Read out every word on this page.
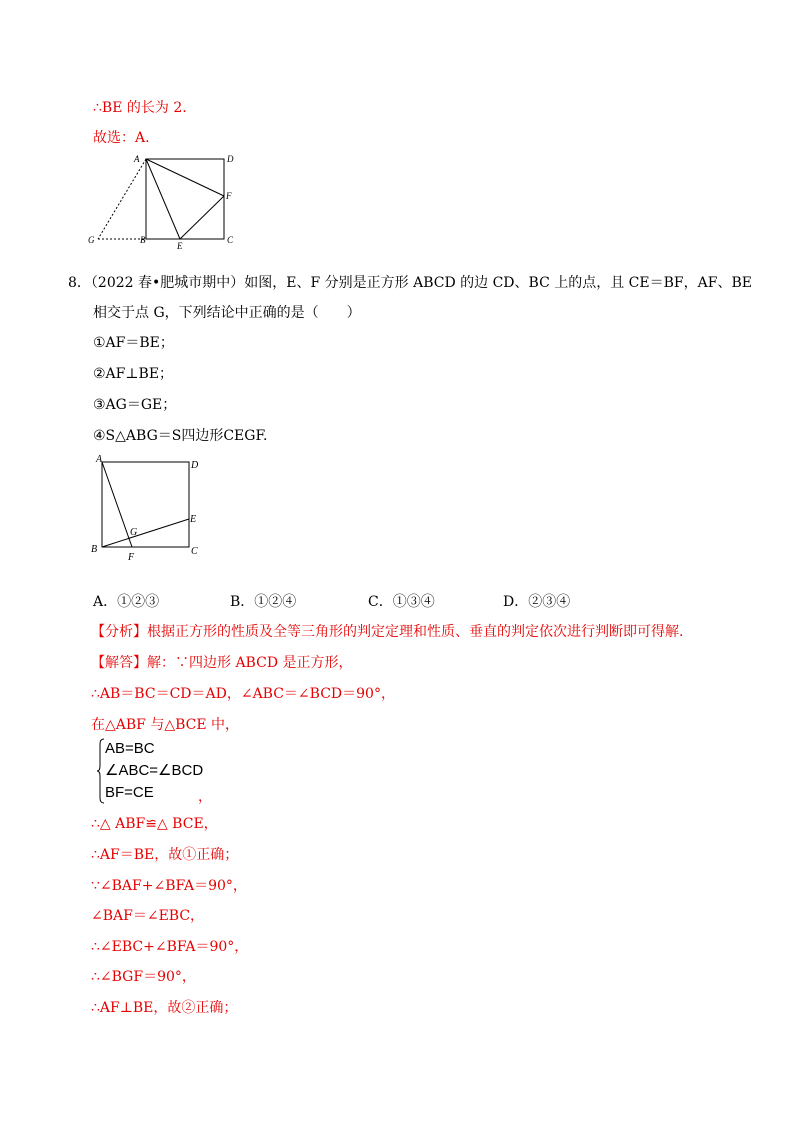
∴BE 的长为 2.
故选：A.
A	D
F
G	B
E
C
8．（2022 春•肥城市期中）如图，E、F 分别是正方形 ABCD 的边 CD、BC 上的点，且 CE＝BF，AF、BE
相交于点 G，下列结论中正确的是（　　）
①AF＝BE；
②AF⊥BE；
③AG＝GE；
④S△ABG＝S四边形CEGF.
A
D
G
E
B
F
C
A．①②③	B．①②④	C．①③④	D．②③④
【分析】根据正方形的性质及全等三角形的判定定理和性质、垂直的判定依次进行判断即可得解.
【解答】解：∵四边形 ABCD 是正方形，
∴AB＝BC＝CD＝AD，∠ABC＝∠BCD＝90°，
在△ABF 与△BCE 中，
AB=BC
∠ABC=∠BCD
BF=CE	，
∴△ ABF≌△ BCE，
∴AF＝BE，故①正确；
∵∠BAF+∠BFA＝90°，
∠BAF＝∠EBC，
∴∠EBC+∠BFA＝90°，
∴∠BGF＝90°，
∴AF⊥BE，故②正确；
